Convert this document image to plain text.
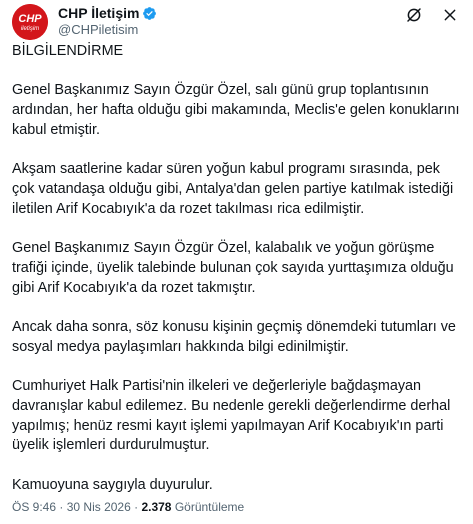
CHP
iletişim
CHP İletişim
@CHPiletisim

BİLGİLENDİRME

Genel Başkanımız Sayın Özgür Özel, salı günü grup toplantısının ardından, her hafta olduğu gibi makamında, Meclis'e gelen konuklarını kabul etmiştir.

Akşam saatlerine kadar süren yoğun kabul programı sırasında, pek çok vatandaşa olduğu gibi, Antalya'dan gelen partiye katılmak istediği iletilen Arif Kocabıyık'a da rozet takılması rica edilmiştir.

Genel Başkanımız Sayın Özgür Özel, kalabalık ve yoğun görüşme trafiği içinde, üyelik talebinde bulunan çok sayıda yurttaşımıza olduğu gibi Arif Kocabıyık'a da rozet takmıştır.

Ancak daha sonra, söz konusu kişinin geçmiş dönemdeki tutumları ve sosyal medya paylaşımları hakkında bilgi edinilmiştir.

Cumhuriyet Halk Partisi'nin ilkeleri ve değerleriyle bağdaşmayan davranışlar kabul edilemez. Bu nedenle gerekli değerlendirme derhal yapılmış; henüz resmi kayıt işlemi yapılmayan Arif Kocabıyık'ın parti üyelik işlemleri durdurulmuştur.

Kamuoyuna saygıyla duyurulur.

ÖS 9:46 · 30 Nis 2026 · 2.378 Görüntüleme
